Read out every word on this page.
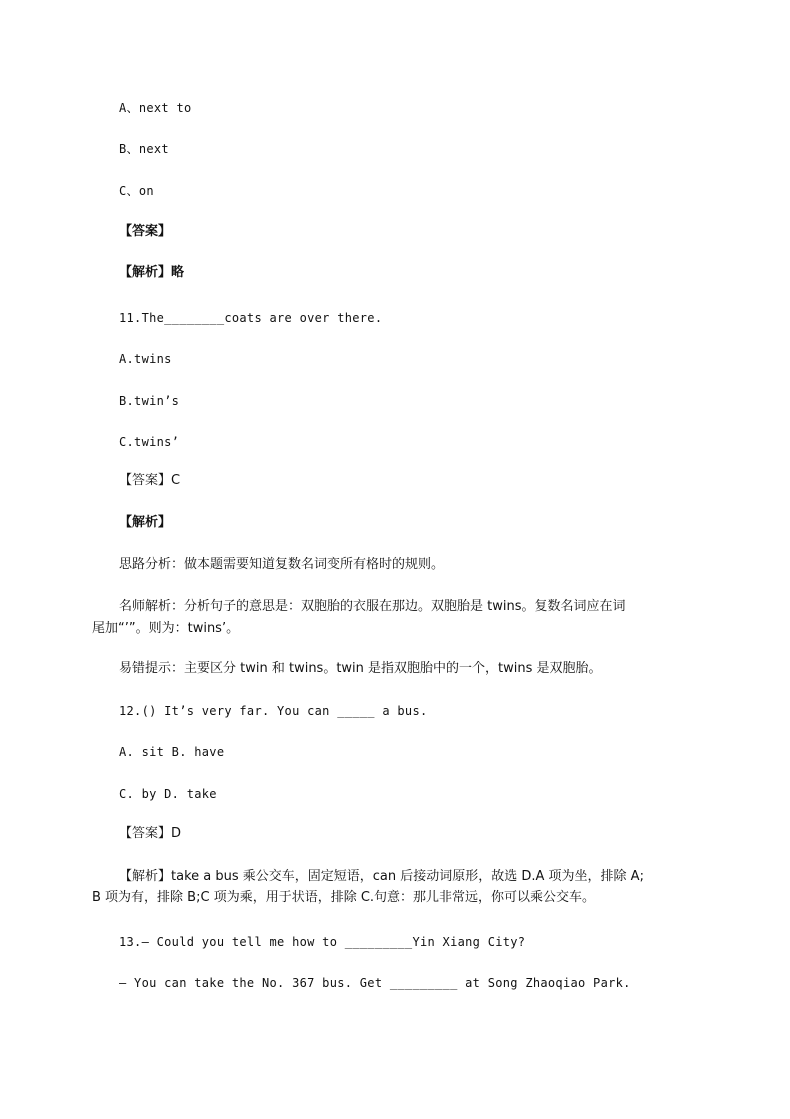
A、next to
B、next
C、on
【答案】
【解析】略
11.The________coats are over there.
A.twins
B.twin’s
C.twins’
【答案】C
【解析】
思路分析：做本题需要知道复数名词变所有格时的规则。
名师解析：分析句子的意思是：双胞胎的衣服在那边。双胞胎是 twins。复数名词应在词
尾加“’”。则为：twins’。
易错提示：主要区分 twin 和 twins。twin 是指双胞胎中的一个，twins 是双胞胎。
12.() It’s very far. You can _____ a bus.
A. sit B. have
C. by D. take
【答案】D
【解析】take a bus 乘公交车，固定短语，can 后接动词原形，故选 D.A 项为坐，排除 A;
B 项为有，排除 B;C 项为乘，用于状语，排除 C.句意：那儿非常远，你可以乘公交车。
13.— Could you tell me how to _________Yin Xiang City?
— You can take the No. 367 bus. Get _________ at Song Zhaoqiao Park.
